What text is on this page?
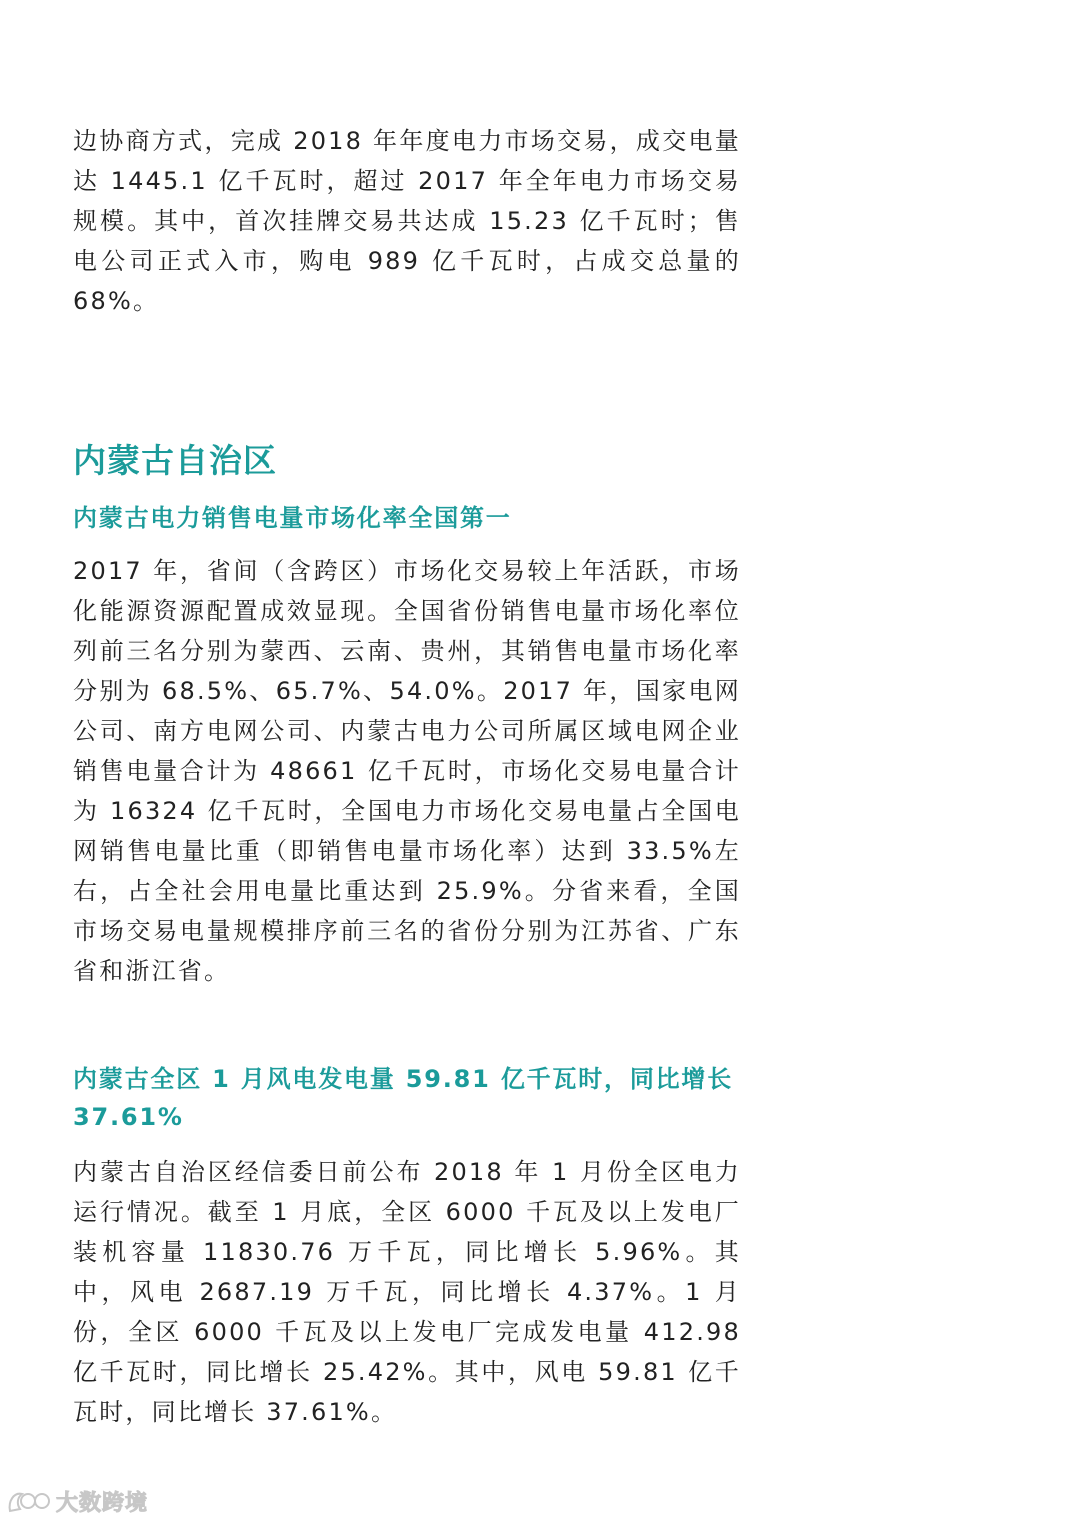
边协商方式，完成 2018 年年度电力市场交易，成交电量达 1445.1 亿千瓦时，超过 2017 年全年电力市场交易规模。其中，首次挂牌交易共达成 15.23 亿千瓦时；售电公司正式入市，购电 989 亿千瓦时，占成交总量的 68%。

内蒙古自治区
内蒙古电力销售电量市场化率全国第一

2017 年，省间（含跨区）市场化交易较上年活跃，市场化能源资源配置成效显现。全国省份销售电量市场化率位列前三名分别为蒙西、云南、贵州，其销售电量市场化率分别为 68.5%、65.7%、54.0%。2017 年，国家电网公司、南方电网公司、内蒙古电力公司所属区域电网企业销售电量合计为 48661 亿千瓦时，市场化交易电量合计为 16324 亿千瓦时，全国电力市场化交易电量占全国电网销售电量比重（即销售电量市场化率）达到 33.5%左右，占全社会用电量比重达到 25.9%。分省来看，全国市场交易电量规模排序前三名的省份分别为江苏省、广东省和浙江省。

内蒙古全区 1 月风电发电量 59.81 亿千瓦时，同比增长 37.61%

内蒙古自治区经信委日前公布 2018 年 1 月份全区电力运行情况。截至 1 月底，全区 6000 千瓦及以上发电厂装机容量 11830.76 万千瓦，同比增长 5.96%。其中，风电 2687.19 万千瓦，同比增长 4.37%。1 月份，全区 6000 千瓦及以上发电厂完成发电量 412.98 亿千瓦时，同比增长 25.42%。其中，风电 59.81 亿千瓦时，同比增长 37.61%。

大数跨境
